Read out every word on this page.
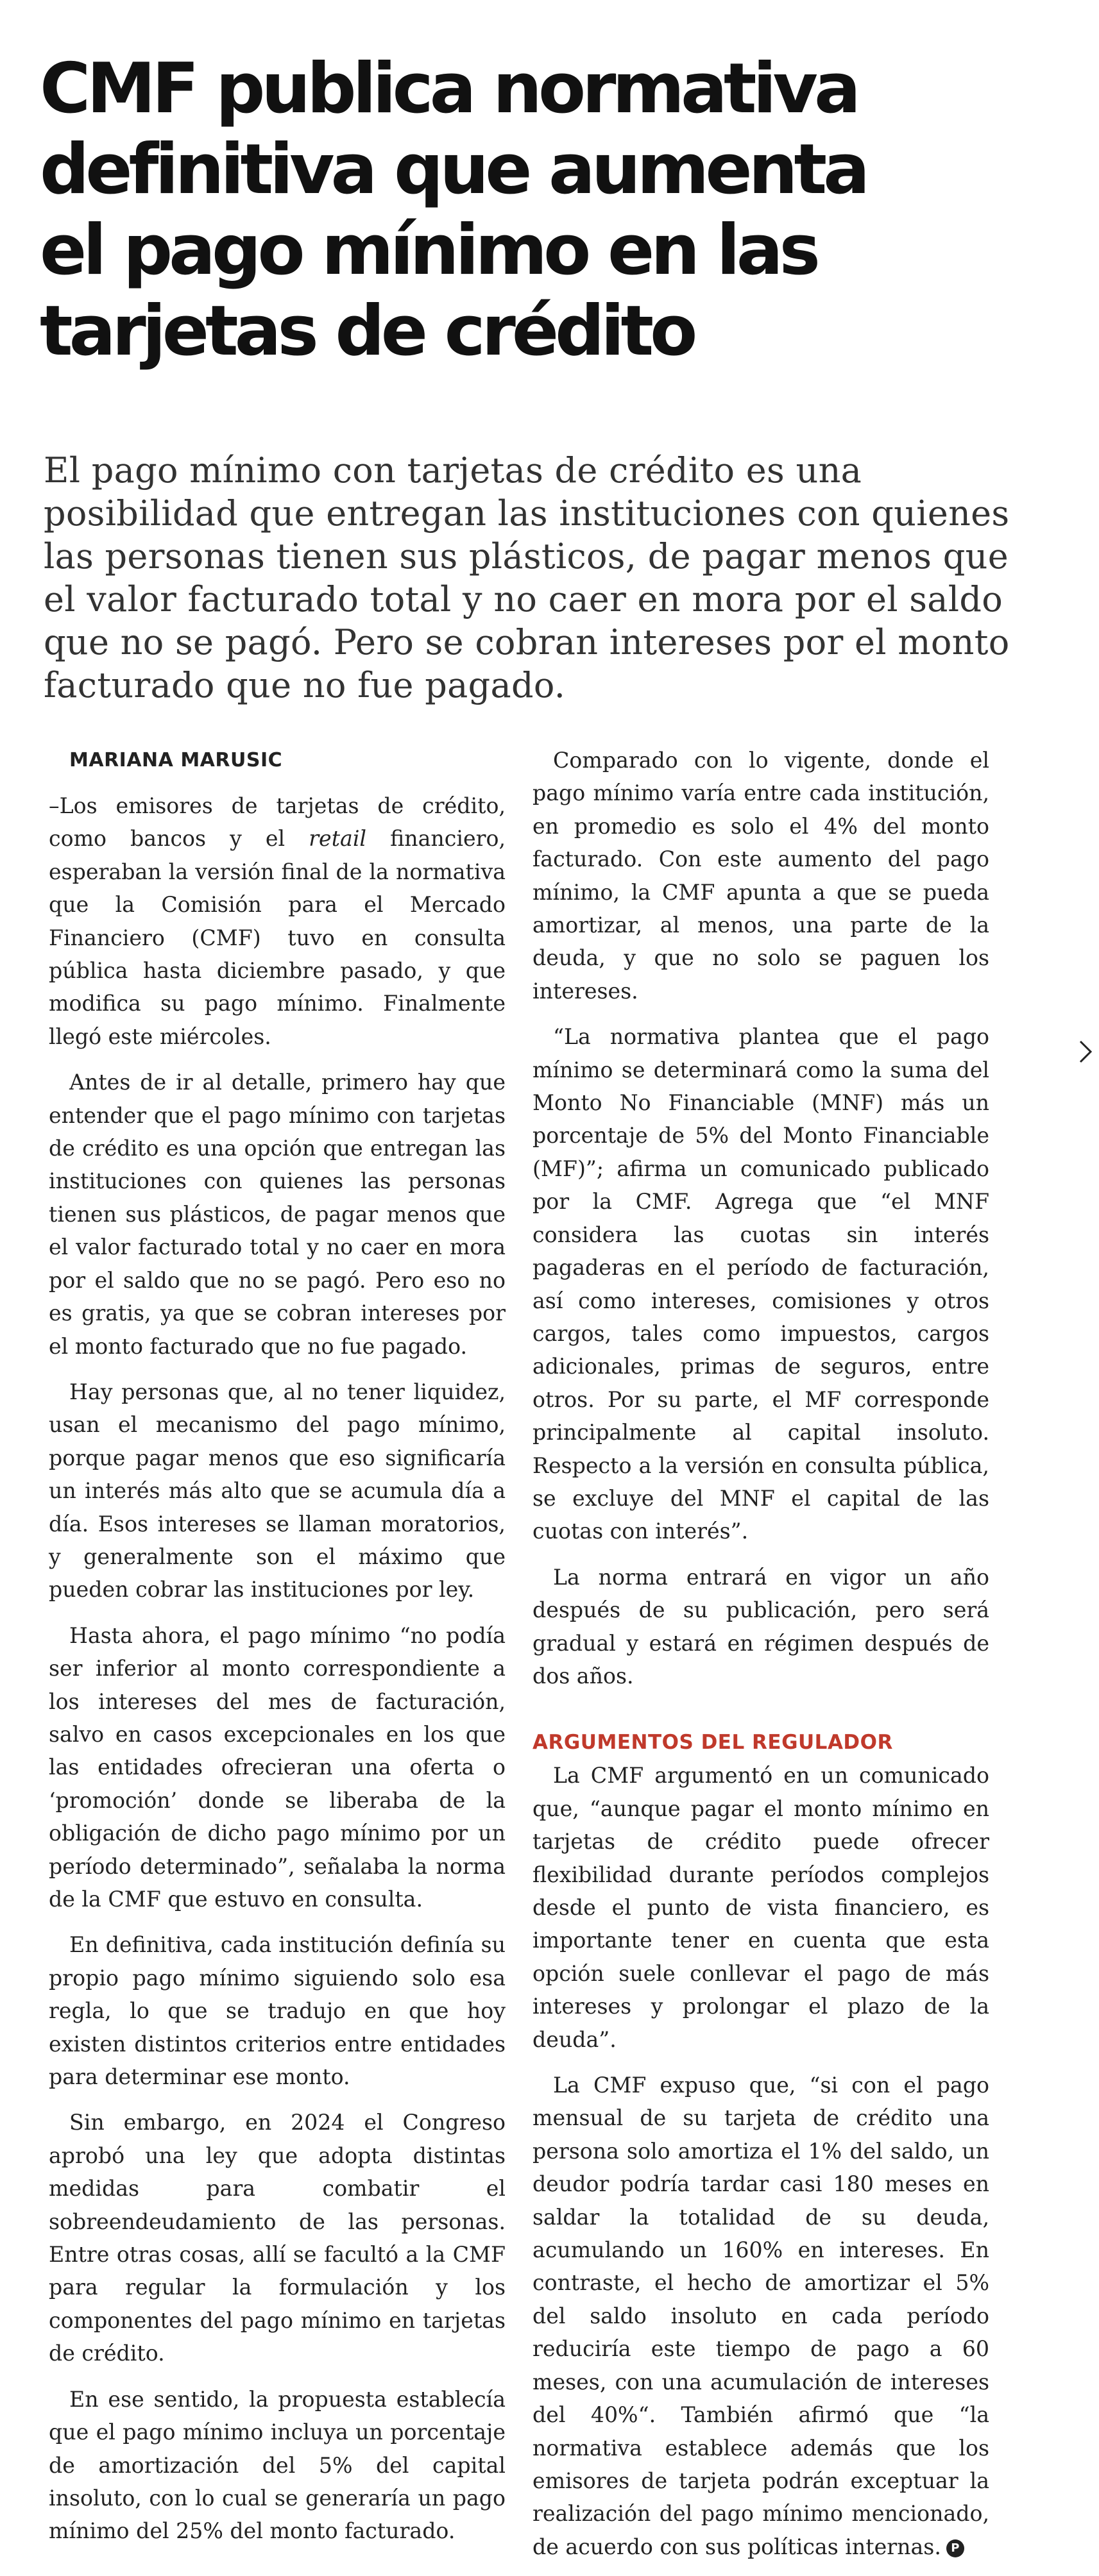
CMF publica normativa definitiva que aumenta el pago mínimo en las tarjetas de crédito

El pago mínimo con tarjetas de crédito es una posibilidad que entregan las instituciones con quienes las personas tienen sus plásticos, de pagar menos que el valor facturado total y no caer en mora por el saldo que no se pagó. Pero se cobran intereses por el monto facturado que no fue pagado.

MARIANA MARUSIC

–Los emisores de tarjetas de crédito, como bancos y el retail financiero, esperaban la versión final de la normativa que la Comisión para el Mercado Financiero (CMF) tuvo en consulta pública hasta diciembre pasado, y que modifica su pago mínimo. Finalmente llegó este miércoles.

Antes de ir al detalle, primero hay que entender que el pago mínimo con tarjetas de crédito es una opción que entregan las instituciones con quienes las personas tienen sus plásticos, de pagar menos que el valor facturado total y no caer en mora por el saldo que no se pagó. Pero eso no es gratis, ya que se cobran intereses por el monto facturado que no fue pagado.

Hay personas que, al no tener liquidez, usan el mecanismo del pago mínimo, porque pagar menos que eso significaría un interés más alto que se acumula día a día. Esos intereses se llaman moratorios, y generalmente son el máximo que pueden cobrar las instituciones por ley.

Hasta ahora, el pago mínimo “no podía ser inferior al monto correspondiente a los intereses del mes de facturación, salvo en casos excepcionales en los que las entidades ofrecieran una oferta o ‘promoción’ donde se liberaba de la obligación de dicho pago mínimo por un período determinado”, señalaba la norma de la CMF que estuvo en consulta.

En definitiva, cada institución definía su propio pago mínimo siguiendo solo esa regla, lo que se tradujo en que hoy existen distintos criterios entre entidades para determinar ese monto.

Sin embargo, en 2024 el Congreso aprobó una ley que adopta distintas medidas para combatir el sobreendeudamiento de las personas. Entre otras cosas, allí se facultó a la CMF para regular la formulación y los componentes del pago mínimo en tarjetas de crédito.

En ese sentido, la propuesta establecía que el pago mínimo incluya un porcentaje de amortización del 5% del capital insoluto, con lo cual se generaría un pago mínimo del 25% del monto facturado.

Comparado con lo vigente, donde el pago mínimo varía entre cada institución, en promedio es solo el 4% del monto facturado. Con este aumento del pago mínimo, la CMF apunta a que se pueda amortizar, al menos, una parte de la deuda, y que no solo se paguen los intereses.

“La normativa plantea que el pago mínimo se determinará como la suma del Monto No Financiable (MNF) más un porcentaje de 5% del Monto Financiable (MF)”; afirma un comunicado publicado por la CMF. Agrega que “el MNF considera las cuotas sin interés pagaderas en el período de facturación, así como intereses, comisiones y otros cargos, tales como impuestos, cargos adicionales, primas de seguros, entre otros. Por su parte, el MF corresponde principalmente al capital insoluto. Respecto a la versión en consulta pública, se excluye del MNF el capital de las cuotas con interés”.

La norma entrará en vigor un año después de su publicación, pero será gradual y estará en régimen después de dos años.

ARGUMENTOS DEL REGULADOR

La CMF argumentó en un comunicado que, “aunque pagar el monto mínimo en tarjetas de crédito puede ofrecer flexibilidad durante períodos complejos desde el punto de vista financiero, es importante tener en cuenta que esta opción suele conllevar el pago de más intereses y prolongar el plazo de la deuda”.

La CMF expuso que, “si con el pago mensual de su tarjeta de crédito una persona solo amortiza el 1% del saldo, un deudor podría tardar casi 180 meses en saldar la totalidad de su deuda, acumulando un 160% en intereses. En contraste, el hecho de amortizar el 5% del saldo insoluto en cada período reduciría este tiempo de pago a 60 meses, con una acumulación de intereses del 40%“. También afirmó que “la normativa establece además que los emisores de tarjeta podrán exceptuar la realización del pago mínimo mencionado, de acuerdo con sus políticas internas. P
